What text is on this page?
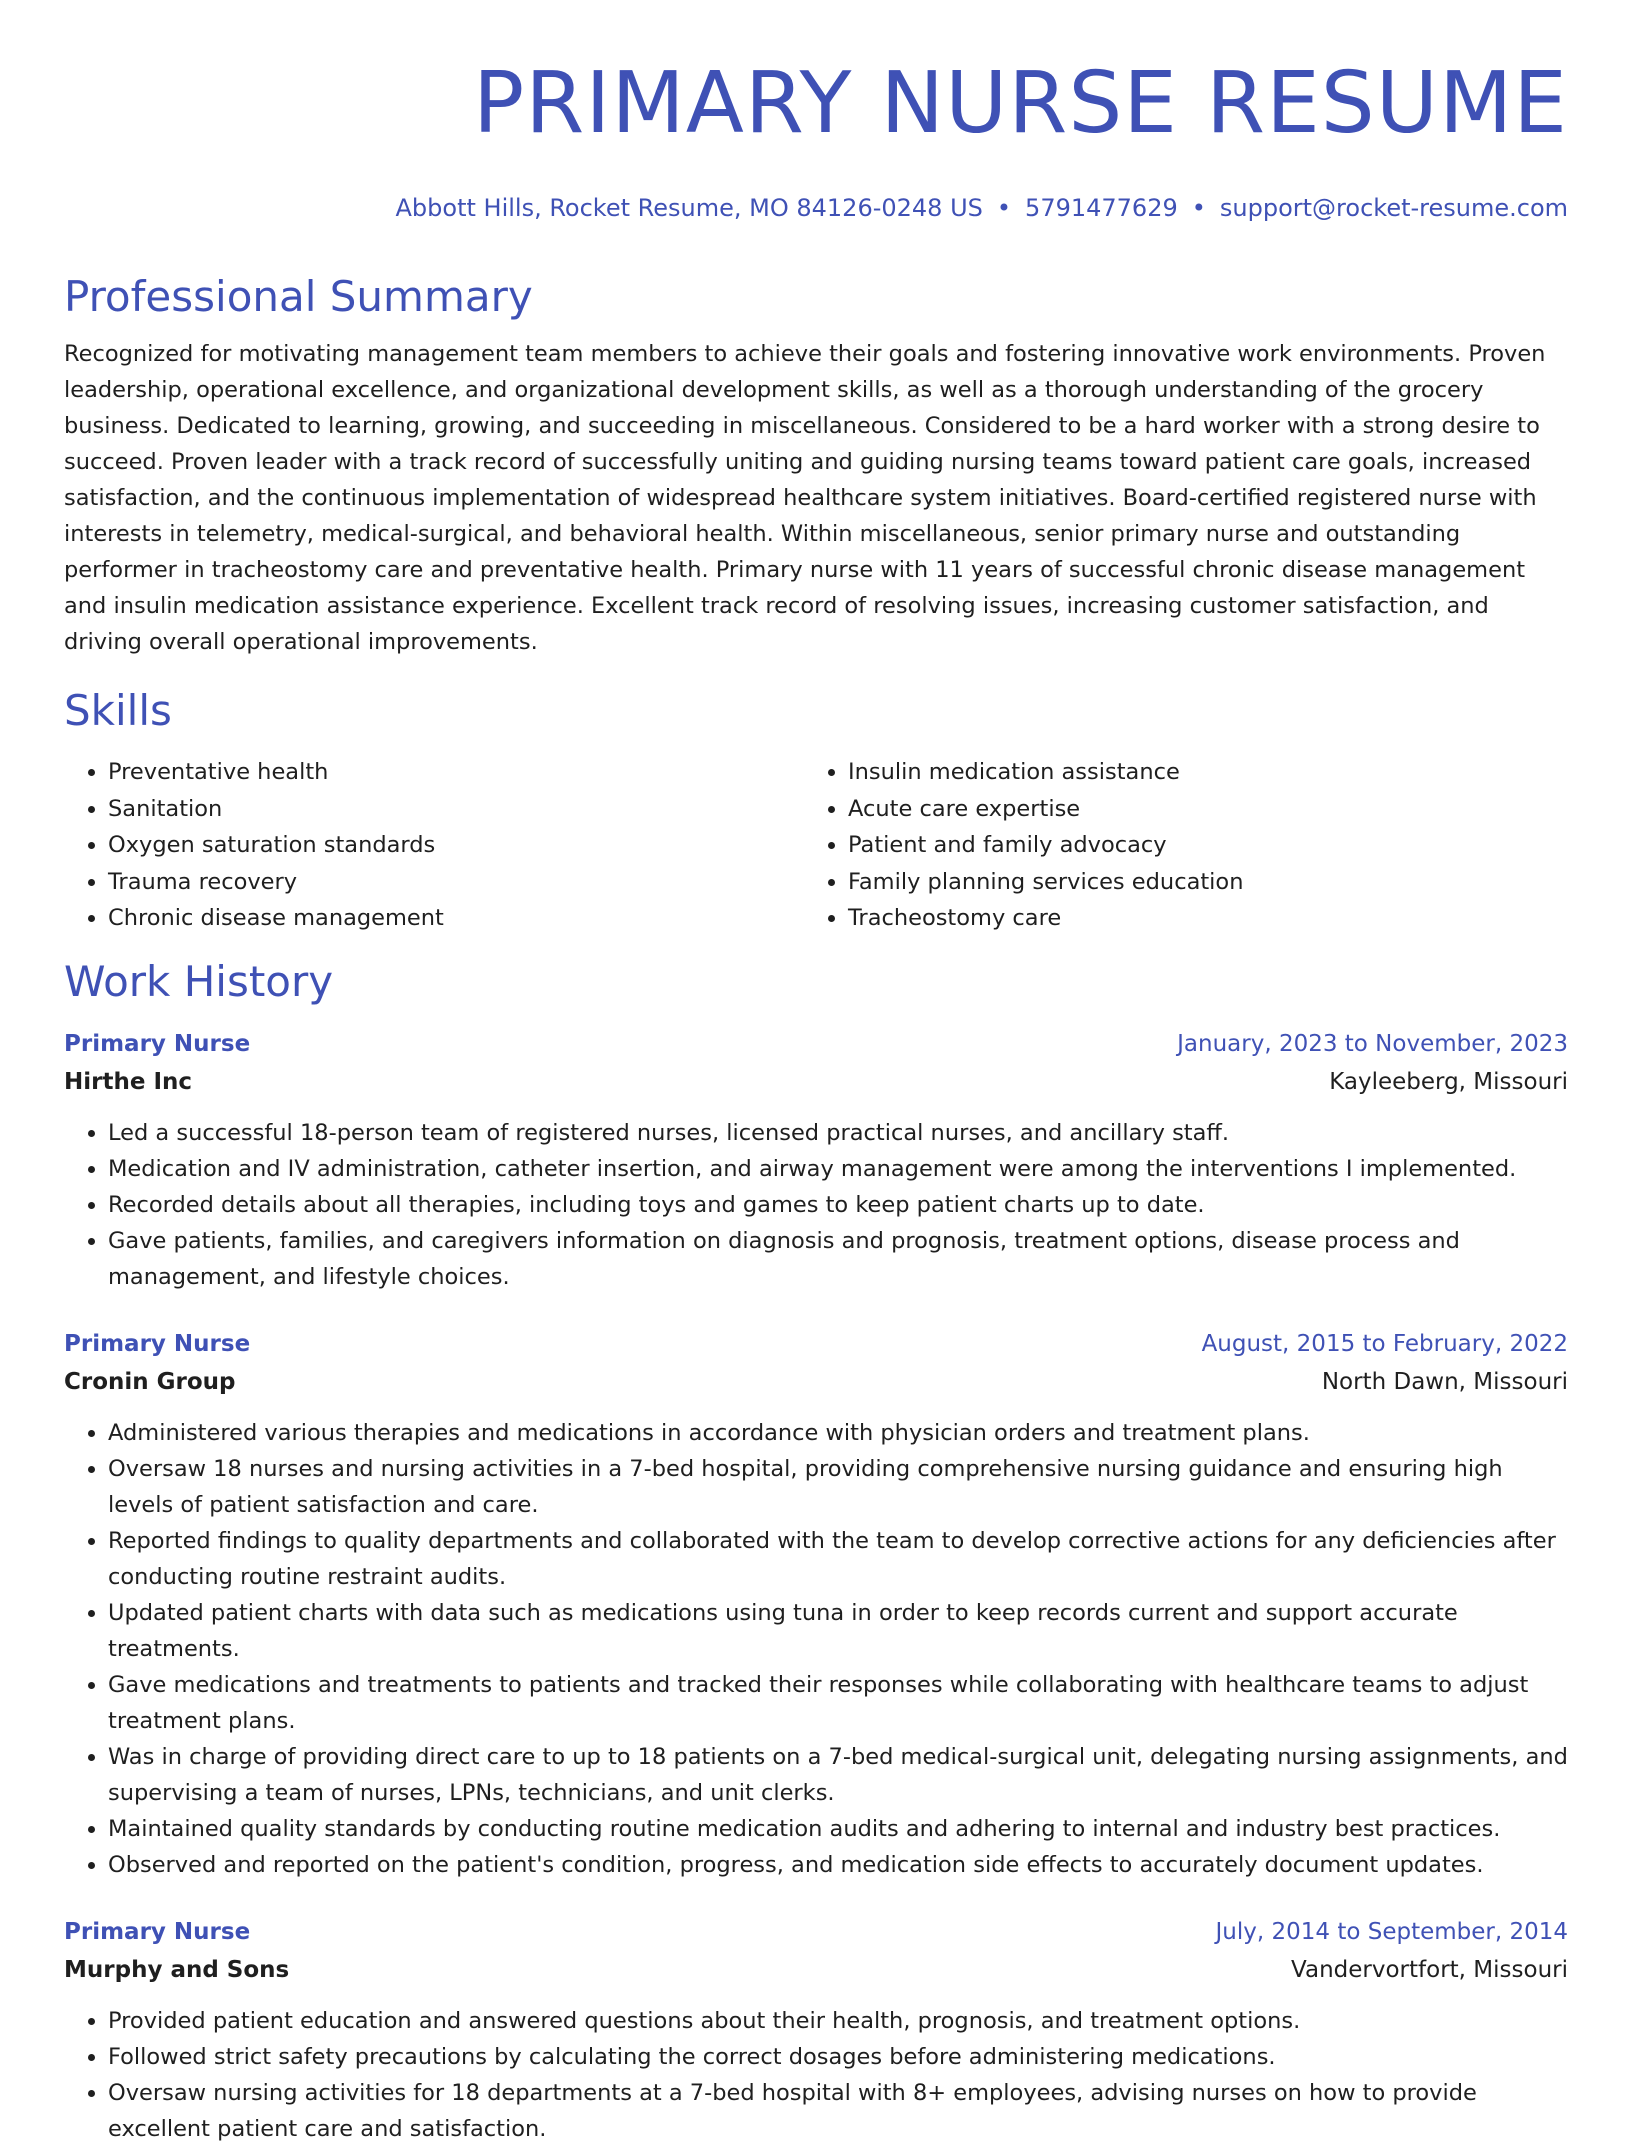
PRIMARY NURSE RESUME
Abbott Hills, Rocket Resume, MO 84126-0248 US • 5791477629 • support@rocket-resume.com
Professional Summary
Recognized for motivating management team members to achieve their goals and fostering innovative work environments. Proven leadership, operational excellence, and organizational development skills, as well as a thorough understanding of the grocery business. Dedicated to learning, growing, and succeeding in miscellaneous. Considered to be a hard worker with a strong desire to succeed. Proven leader with a track record of successfully uniting and guiding nursing teams toward patient care goals, increased satisfaction, and the continuous implementation of widespread healthcare system initiatives. Board-certified registered nurse with interests in telemetry, medical-surgical, and behavioral health. Within miscellaneous, senior primary nurse and outstanding performer in tracheostomy care and preventative health. Primary nurse with 11 years of successful chronic disease management and insulin medication assistance experience. Excellent track record of resolving issues, increasing customer satisfaction, and driving overall operational improvements.
Skills
• Preventative health
• Sanitation
• Oxygen saturation standards
• Trauma recovery
• Chronic disease management
• Insulin medication assistance
• Acute care expertise
• Patient and family advocacy
• Family planning services education
• Tracheostomy care
Work History
Primary Nurse	January, 2023 to November, 2023
Hirthe Inc	Kayleeberg, Missouri
• Led a successful 18-person team of registered nurses, licensed practical nurses, and ancillary staff.
• Medication and IV administration, catheter insertion, and airway management were among the interventions I implemented.
• Recorded details about all therapies, including toys and games to keep patient charts up to date.
• Gave patients, families, and caregivers information on diagnosis and prognosis, treatment options, disease process and management, and lifestyle choices.
Primary Nurse	August, 2015 to February, 2022
Cronin Group	North Dawn, Missouri
• Administered various therapies and medications in accordance with physician orders and treatment plans.
• Oversaw 18 nurses and nursing activities in a 7-bed hospital, providing comprehensive nursing guidance and ensuring high levels of patient satisfaction and care.
• Reported findings to quality departments and collaborated with the team to develop corrective actions for any deficiencies after conducting routine restraint audits.
• Updated patient charts with data such as medications using tuna in order to keep records current and support accurate treatments.
• Gave medications and treatments to patients and tracked their responses while collaborating with healthcare teams to adjust treatment plans.
• Was in charge of providing direct care to up to 18 patients on a 7-bed medical-surgical unit, delegating nursing assignments, and supervising a team of nurses, LPNs, technicians, and unit clerks.
• Maintained quality standards by conducting routine medication audits and adhering to internal and industry best practices.
• Observed and reported on the patient's condition, progress, and medication side effects to accurately document updates.
Primary Nurse	July, 2014 to September, 2014
Murphy and Sons	Vandervortfort, Missouri
• Provided patient education and answered questions about their health, prognosis, and treatment options.
• Followed strict safety precautions by calculating the correct dosages before administering medications.
• Oversaw nursing activities for 18 departments at a 7-bed hospital with 8+ employees, advising nurses on how to provide excellent patient care and satisfaction.
